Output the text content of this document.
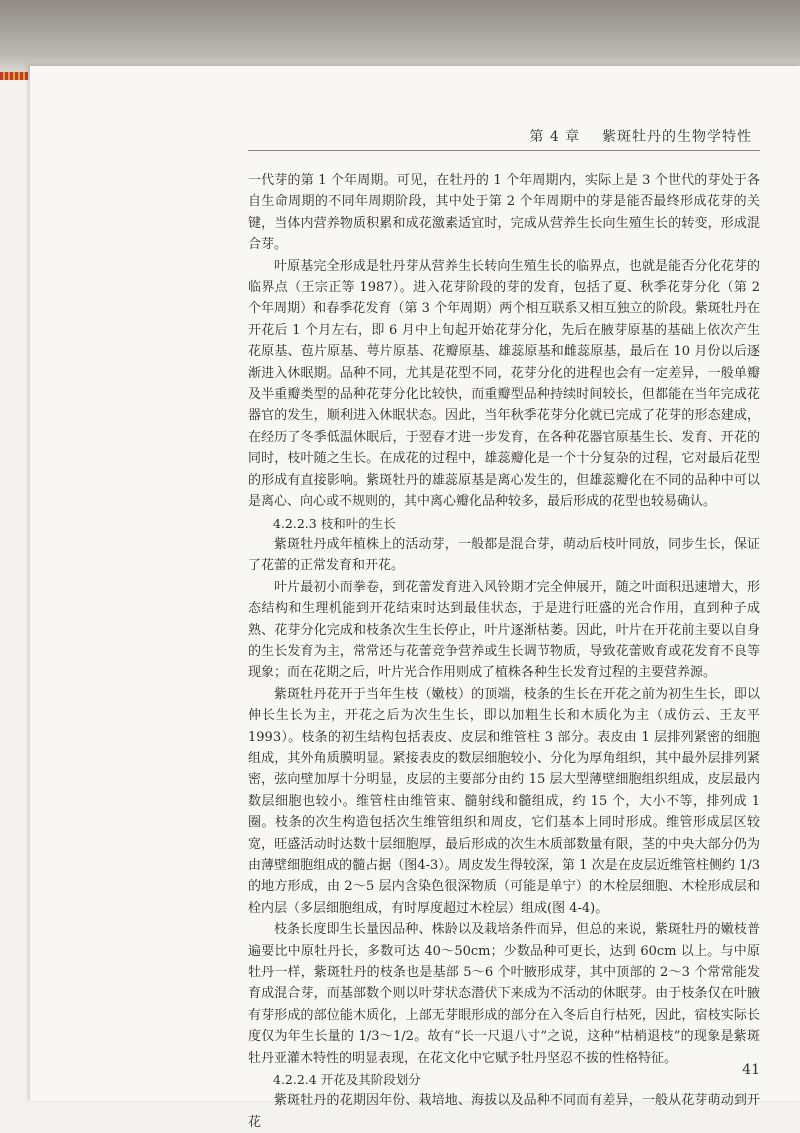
第 4 章 紫斑牡丹的生物学特性

一代芽的第 1 个年周期。可见，在牡丹的 1 个年周期内，实际上是 3 个世代的芽处于各自生命周期的不同年周期阶段，其中处于第 2 个年周期中的芽是能否最终形成花芽的关键，当体内营养物质积累和成花激素适宜时，完成从营养生长向生殖生长的转变，形成混合芽。

叶原基完全形成是牡丹芽从营养生长转向生殖生长的临界点，也就是能否分化花芽的临界点（王宗正等 1987）。进入花芽阶段的芽的发育，包括了夏、秋季花芽分化（第 2 个年周期）和春季花发育（第 3 个年周期）两个相互联系又相互独立的阶段。紫斑牡丹在开花后 1 个月左右，即 6 月中上旬起开始花芽分化，先后在腋芽原基的基础上依次产生花原基、苞片原基、萼片原基、花瓣原基、雄蕊原基和雌蕊原基，最后在 10 月份以后逐渐进入休眠期。品种不同，尤其是花型不同，花芽分化的进程也会有一定差异，一般单瓣及半重瓣类型的品种花芽分化比较快，而重瓣型品种持续时间较长，但都能在当年完成花器官的发生，顺利进入休眠状态。因此，当年秋季花芽分化就已完成了花芽的形态建成，在经历了冬季低温休眠后，于翌春才进一步发育，在各种花器官原基生长、发育、开花的同时，枝叶随之生长。在成花的过程中，雄蕊瓣化是一个十分复杂的过程，它对最后花型的形成有直接影响。紫斑牡丹的雄蕊原基是离心发生的，但雄蕊瓣化在不同的品种中可以是离心、向心或不规则的，其中离心瓣化品种较多，最后形成的花型也较易确认。

4.2.2.3 枝和叶的生长

紫斑牡丹成年植株上的活动芽，一般都是混合芽，萌动后枝叶同放，同步生长，保证了花蕾的正常发育和开花。

叶片最初小而拳卷，到花蕾发育进入风铃期才完全伸展开，随之叶面积迅速增大，形态结构和生理机能到开花结束时达到最佳状态，于是进行旺盛的光合作用，直到种子成熟、花芽分化完成和枝条次生生长停止，叶片逐渐枯萎。因此，叶片在开花前主要以自身的生长发育为主，常常还与花蕾竞争营养或生长调节物质，导致花蕾败育或花发育不良等现象；而在花期之后，叶片光合作用则成了植株各种生长发育过程的主要营养源。

紫斑牡丹花开于当年生枝（嫩枝）的顶端，枝条的生长在开花之前为初生生长，即以伸长生长为主，开花之后为次生生长，即以加粗生长和木质化为主（成仿云、王友平 1993）。枝条的初生结构包括表皮、皮层和维管柱 3 部分。表皮由 1 层排列紧密的细胞组成，其外角质膜明显。紧接表皮的数层细胞较小、分化为厚角组织，其中最外层排列紧密，弦向壁加厚十分明显，皮层的主要部分由约 15 层大型薄壁细胞组织组成，皮层最内数层细胞也较小。维管柱由维管束、髓射线和髓组成，约 15 个，大小不等，排列成 1 圈。枝条的次生构造包括次生维管组织和周皮，它们基本上同时形成。维管形成层区较宽，旺盛活动时达数十层细胞厚，最后形成的次生木质部数量有限，茎的中央大部分仍为由薄壁细胞组成的髓占据（图4-3）。周皮发生得较深，第 1 次是在皮层近维管柱侧约 1/3 的地方形成，由 2～5 层内含染色很深物质（可能是单宁）的木栓层细胞、木栓形成层和栓内层（多层细胞组成，有时厚度超过木栓层）组成(图 4-4)。

枝条长度即生长量因品种、株龄以及栽培条件而异，但总的来说，紫斑牡丹的嫩枝普遍要比中原牡丹长，多数可达 40～50cm；少数品种可更长，达到 60cm 以上。与中原牡丹一样，紫斑牡丹的枝条也是基部 5～6 个叶腋形成芽，其中顶部的 2～3 个常常能发育成混合芽，而基部数个则以叶芽状态潜伏下来成为不活动的休眠芽。由于枝条仅在叶腋有芽形成的部位能木质化，上部无芽眼形成的部分在入冬后自行枯死，因此，宿枝实际长度仅为年生长量的 1/3～1/2。故有“长一尺退八寸”之说，这种“枯梢退枝”的现象是紫斑牡丹亚灌木特性的明显表现，在花文化中它赋予牡丹坚忍不拔的性格特征。

4.2.2.4 开花及其阶段划分

紫斑牡丹的花期因年份、栽培地、海拔以及品种不同而有差异，一般从花芽萌动到开花

41
